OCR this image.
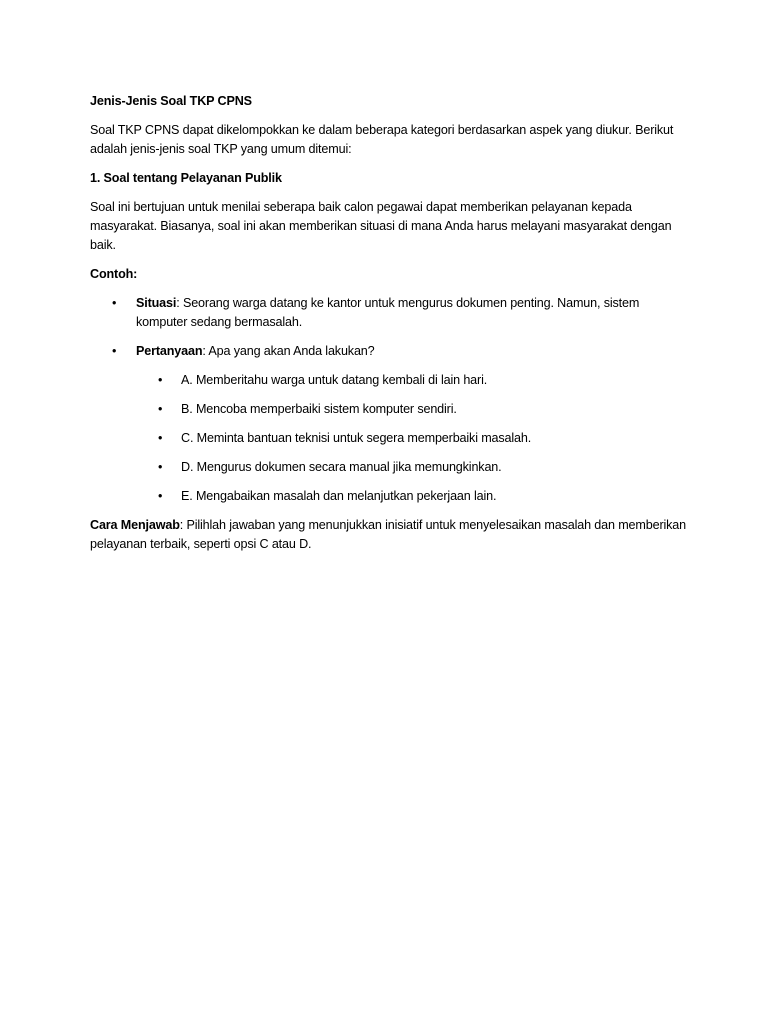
Jenis-Jenis Soal TKP CPNS

Soal TKP CPNS dapat dikelompokkan ke dalam beberapa kategori berdasarkan aspek yang diukur. Berikut adalah jenis-jenis soal TKP yang umum ditemui:

1. Soal tentang Pelayanan Publik

Soal ini bertujuan untuk menilai seberapa baik calon pegawai dapat memberikan pelayanan kepada masyarakat. Biasanya, soal ini akan memberikan situasi di mana Anda harus melayani masyarakat dengan baik.

Contoh:

• Situasi: Seorang warga datang ke kantor untuk mengurus dokumen penting. Namun, sistem komputer sedang bermasalah.
• Pertanyaan: Apa yang akan Anda lakukan?
• A. Memberitahu warga untuk datang kembali di lain hari.
• B. Mencoba memperbaiki sistem komputer sendiri.
• C. Meminta bantuan teknisi untuk segera memperbaiki masalah.
• D. Mengurus dokumen secara manual jika memungkinkan.
• E. Mengabaikan masalah dan melanjutkan pekerjaan lain.

Cara Menjawab: Pilihlah jawaban yang menunjukkan inisiatif untuk menyelesaikan masalah dan memberikan pelayanan terbaik, seperti opsi C atau D.
